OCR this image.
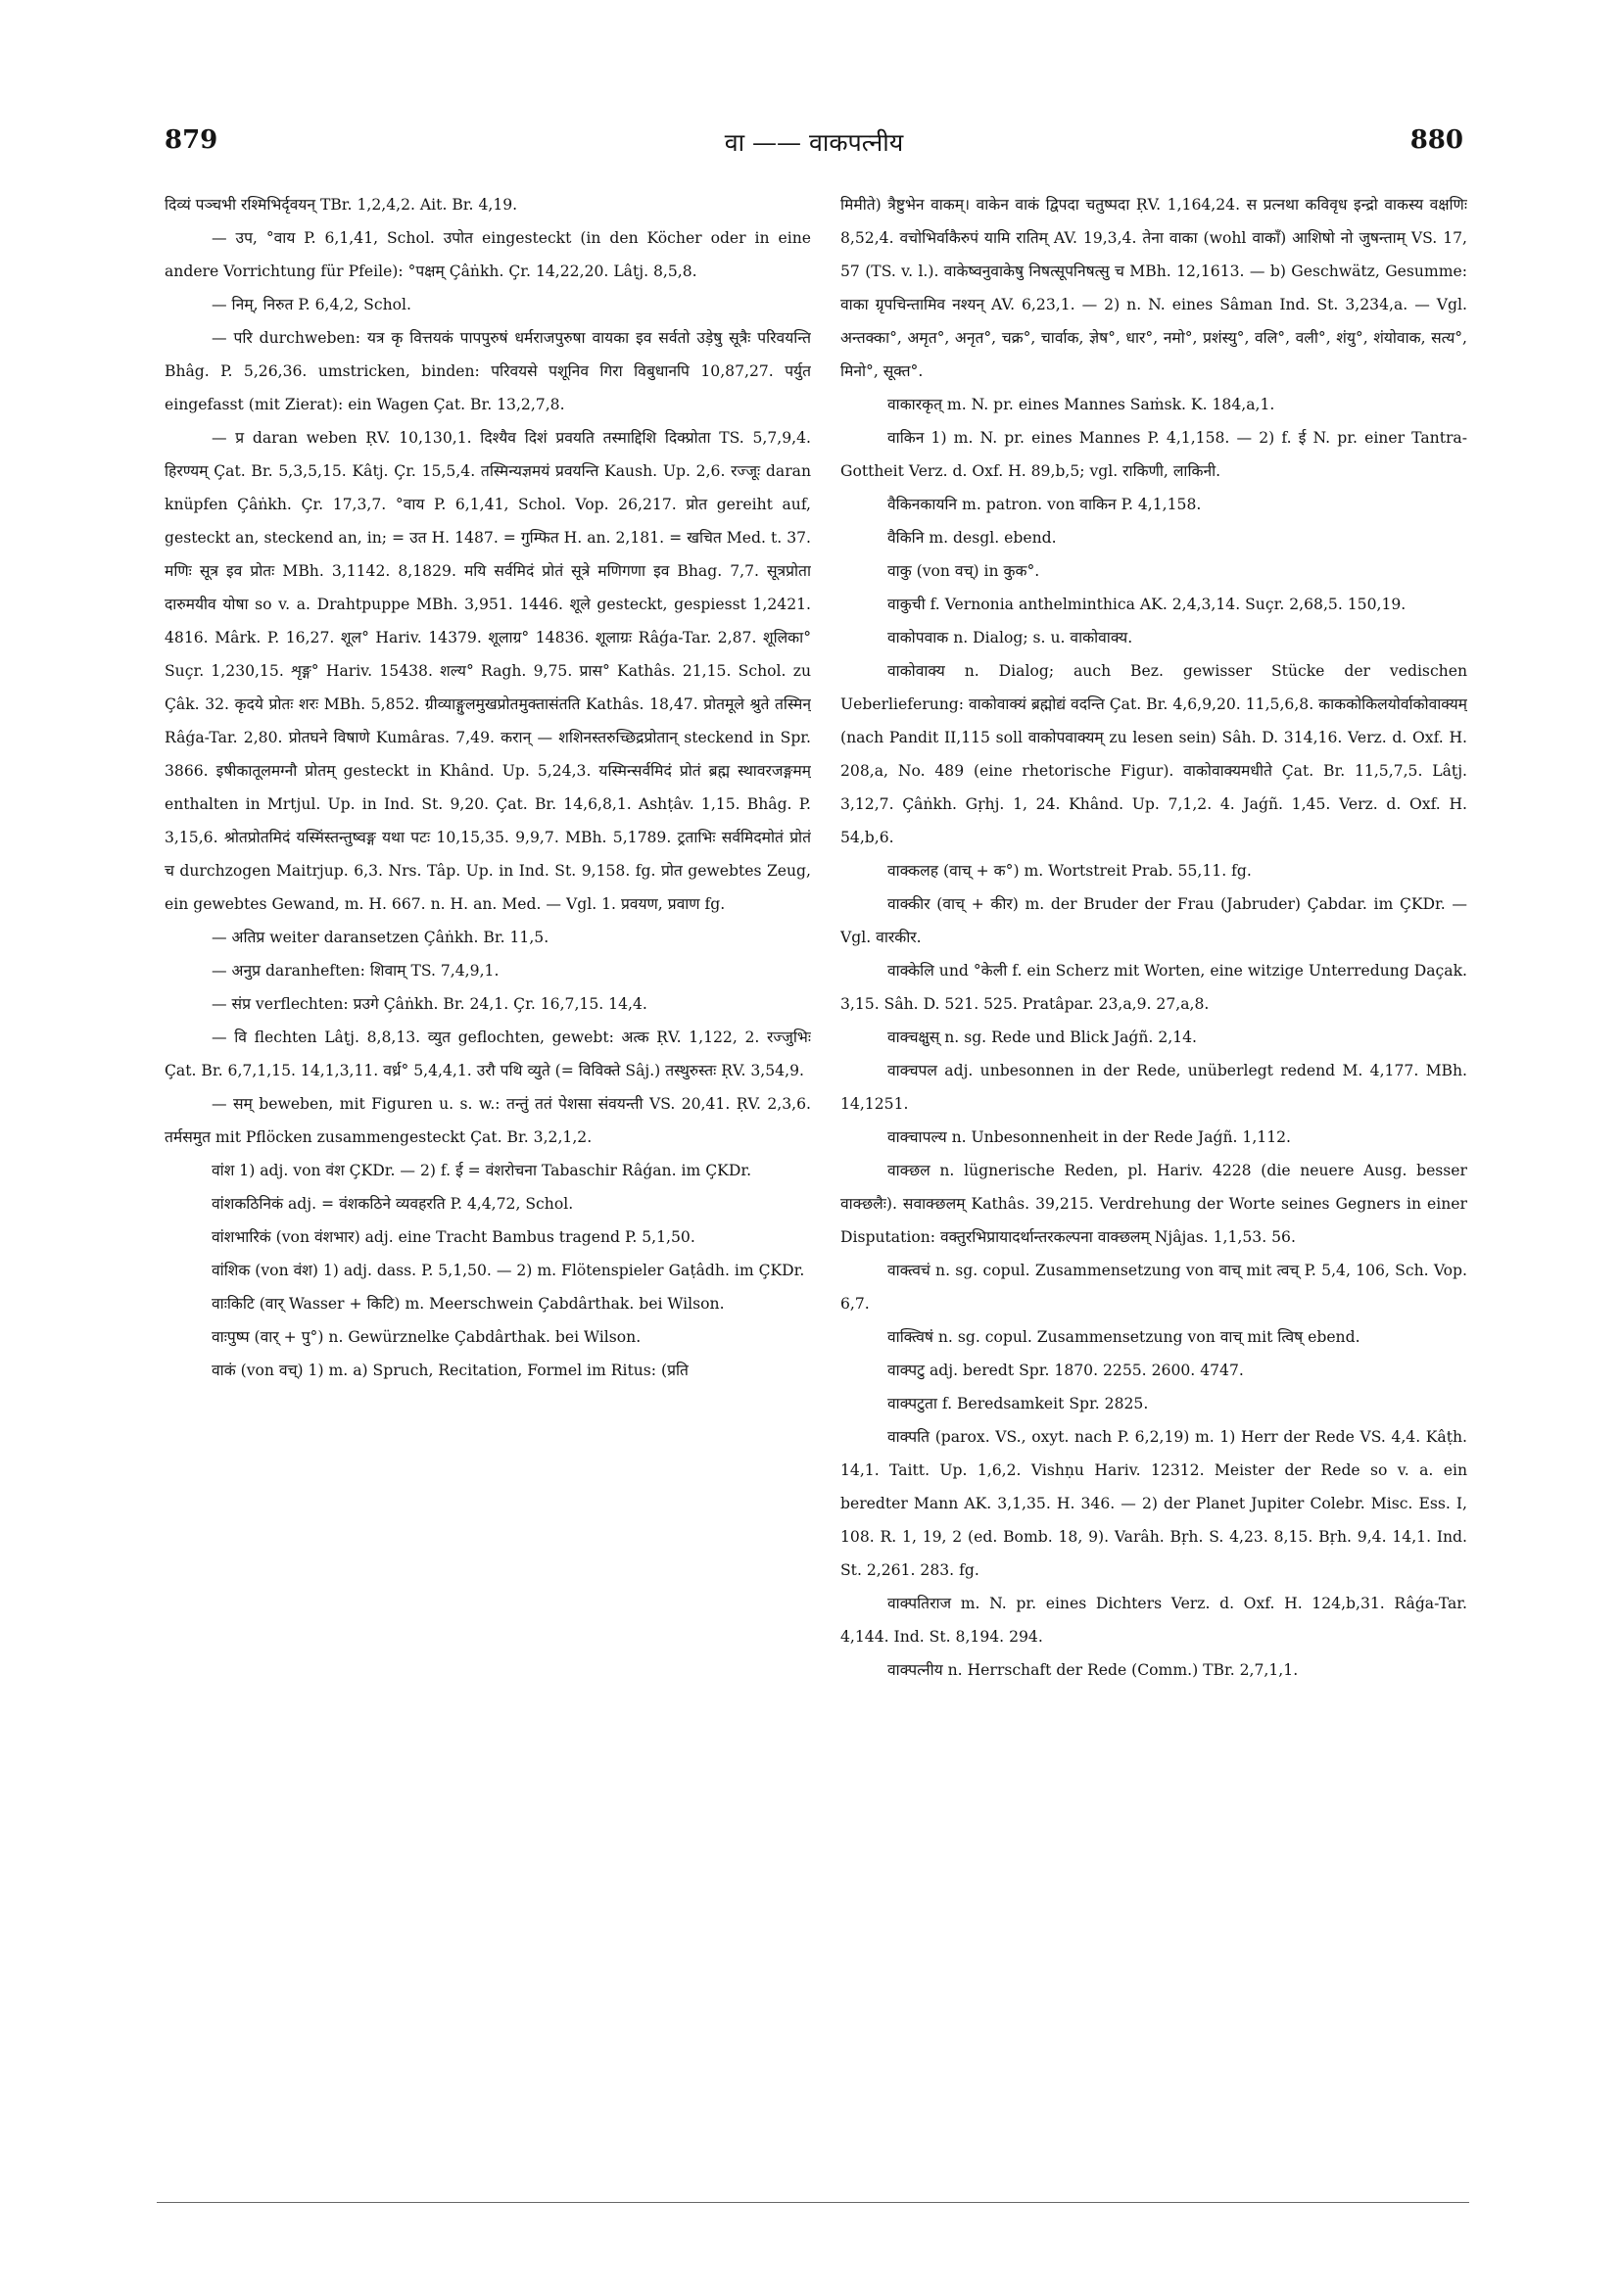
879	वा —— वाकपत्नीय	880

दिव्यं पञ्चभी रश्मिभिर्दृवयन् TBr. 1,2,4,2. Ait. Br. 4,19.

— उप, °वाय P. 6,1,41, Schol. उपोत eingesteckt (in den Köcher oder in eine andere Vorrichtung für Pfeile): °पक्षम् Çâṅkh. Çr. 14,22,20. Lâṭj. 8,5,8.

— निम्, निरुत P. 6,4,2, Schol.

— परि durchweben: यत्र कृ वित्तयकं पापपुरुषं धर्मराजपुरुषा वायका इव सर्वतो उड़ेषु सूत्रैः परिवयन्ति Bhâg. P. 5,26,36. umstricken, binden: परिवयसे पशूनिव गिरा विबुधानपि 10,87,27. पर्युत eingefasst (mit Zierat): ein Wagen Çat. Br. 13,2,7,8.

— प्र daran weben ṚV. 10,130,1. दिश्यैव दिशं प्रवयति तस्माद्दिशि दिक्प्रोता TS. 5,7,9,4. हिरण्यम् Çat. Br. 5,3,5,15. Kâtj. Çr. 15,5,4. तस्मिन्यज्ञमयं प्रवयन्ति Kaush. Up. 2,6. रज्जूः daran knüpfen Çâṅkh. Çr. 17,3,7. °वाय P. 6,1,41, Schol. Vop. 26,217. प्रोत gereiht auf, gesteckt an, steckend an, in; = उत H. 1487. = गुम्फित H. an. 2,181. = खचित Med. t. 37. मणिः सूत्र इव प्रोतः MBh. 3,1142. 8,1829. मयि सर्वमिदं प्रोतं सूत्रे मणिगणा इव Bhag. 7,7. सूत्रप्रोता दारुमयीव योषा so v. a. Drahtpuppe MBh. 3,951. 1446. शूले gesteckt, gespiesst 1,2421. 4816. Mârk. P. 16,27. शूल° Hariv. 14379. शूलाग्र° 14836. शूलाग्रः Râǵa-Tar. 2,87. शूलिका° Suçr. 1,230,15. शृङ्ग° Hariv. 15438. शल्य° Ragh. 9,75. प्रास° Kathâs. 21,15. Schol. zu Çâk. 32. कृदये प्रोतः शरः MBh. 5,852. ग्रीव्याङ्गुलमुखप्रोतमुक्तासंतति Kathâs. 18,47. प्रोतमूले श्रुते तस्मिन् Râǵa-Tar. 2,80. प्रोतघने विषाणे Kumâras. 7,49. करान् — शशिनस्तरुच्छिद्रप्रोतान् steckend in Spr. 3866. इषीकातूलमग्नौ प्रोतम् gesteckt in Khând. Up. 5,24,3. यस्मिन्सर्वमिदं प्रोतं ब्रह्म स्थावरजङ्गमम् enthalten in Mrtjul. Up. in Ind. St. 9,20. Çat. Br. 14,6,8,1. Ashṭâv. 1,15. Bhâg. P. 3,15,6. श्रोतप्रोतमिदं यस्मिंस्तन्तुष्वङ्ग यथा पटः 10,15,35. 9,9,7. MBh. 5,1789. ट्रताभिः सर्वमिदमोतं प्रोतं च durchzogen Maitrjup. 6,3. Nrs. Tâp. Up. in Ind. St. 9,158. fg. प्रोत gewebtes Zeug, ein gewebtes Gewand, m. H. 667. n. H. an. Med. — Vgl. 1. प्रवयण, प्रवाण fg.

— अतिप्र weiter daransetzen Çâṅkh. Br. 11,5.

— अनुप्र daranheften: शिवाम् TS. 7,4,9,1.

— संप्र verflechten: प्रउगे Çâṅkh. Br. 24,1. Çr. 16,7,15. 14,4.

— वि flechten Lâṭj. 8,8,13. व्युत geflochten, gewebt: अत्क ṚV. 1,122, 2. रज्जुभिः Çat. Br. 6,7,1,15. 14,1,3,11. वर्ध्र° 5,4,4,1. उरौ पथि व्युते (= विविक्ते Sâj.) तस्थुरुस्तः ṚV. 3,54,9.

— सम् beweben, mit Figuren u. s. w.: तन्तुं ततं पेशसा संवयन्ती VS. 20,41. ṚV. 2,3,6. तर्मसमुत mit Pflöcken zusammengesteckt Çat. Br. 3,2,1,2.

वांश 1) adj. von वंश ÇKDr. — 2) f. ई = वंशरोचना Tabaschir Râǵan. im ÇKDr.

वांशकठिनिकं adj. = वंशकठिने व्यवहरति P. 4,4,72, Schol.

वांशभारिकं (von वंशभार) adj. eine Tracht Bambus tragend P. 5,1,50.

वांशिक (von वंश) 1) adj. dass. P. 5,1,50. — 2) m. Flötenspieler Gaṭâdh. im ÇKDr.

वाःकिटि (वार् Wasser + किटि) m. Meerschwein Çabdârthak. bei Wilson.

वाःपुष्प (वार् + पु°) n. Gewürznelke Çabdârthak. bei Wilson.

वाकं (von वच्) 1) m. a) Spruch, Recitation, Formel im Ritus: (प्रति

मिमीते) त्रैष्टुभेन वाकम्। वाकेन वाकं द्विपदा चतुष्पदा ṚV. 1,164,24. स प्रत्नथा कविवृध इन्द्रो वाकस्य वक्षणिः 8,52,4. वचोभिर्वाकैरुपं यामि रातिम् AV. 19,3,4. तेना वाका (wohl वाकाँ) आशिषो नो जुषन्ताम् VS. 17, 57 (TS. v. l.). वाकेष्वनुवाकेषु निषत्सूपनिषत्सु च MBh. 12,1613. — b) Geschwätz, Gesumme: वाका ग्रृपचिन्तामिव नश्यन् AV. 6,23,1. — 2) n. N. eines Sâman Ind. St. 3,234,a. — Vgl. अन्तक्का°, अमृत°, अनृत°, चक्र°, चार्वाक, ज्ञेष°, धार°, नमो°, प्रशंस्यु°, वलि°, वली°, शंयु°, शंयोवाक, सत्य°, मिनो°, सूक्त°.

वाकारकृत् m. N. pr. eines Mannes Saṁsk. K. 184,a,1.

वाकिन 1) m. N. pr. eines Mannes P. 4,1,158. — 2) f. ई N. pr. einer Tantra-Gottheit Verz. d. Oxf. H. 89,b,5; vgl. राकिणी, लाकिनी.

वैकिनकायनि m. patron. von वाकिन P. 4,1,158.

वैकिनि m. desgl. ebend.

वाकु (von वच्) in कुक°.

वाकुची f. Vernonia anthelminthica AK. 2,4,3,14. Suçr. 2,68,5. 150,19.

वाकोपवाक n. Dialog; s. u. वाकोवाक्य.

वाकोवाक्य n. Dialog; auch Bez. gewisser Stücke der vedischen Ueberlieferung: वाकोवाक्यं ब्रह्मोद्यं वदन्ति Çat. Br. 4,6,9,20. 11,5,6,8. काककोकिलयोर्वाकोवाक्यम् (nach Pandit II,115 soll वाकोपवाक्यम् zu lesen sein) Sâh. D. 314,16. Verz. d. Oxf. H. 208,a, No. 489 (eine rhetorische Figur). वाकोवाक्यमधीते Çat. Br. 11,5,7,5. Lâṭj. 3,12,7. Çâṅkh. Gṛhj. 1, 24. Khând. Up. 7,1,2. 4. Jaǵñ. 1,45. Verz. d. Oxf. H. 54,b,6.

वाक्कलह (वाच् + क°) m. Wortstreit Prab. 55,11. fg.

वाक्कीर (वाच् + कीर) m. der Bruder der Frau (Jabruder) Çabdar. im ÇKDr. — Vgl. वारकीर.

वाक्केलि und °केली f. ein Scherz mit Worten, eine witzige Unterredung Daçak. 3,15. Sâh. D. 521. 525. Pratâpar. 23,a,9. 27,a,8.

वाक्चक्षुस् n. sg. Rede und Blick Jaǵñ. 2,14.

वाक्चपल adj. unbesonnen in der Rede, unüberlegt redend M. 4,177. MBh. 14,1251.

वाक्चापल्य n. Unbesonnenheit in der Rede Jaǵñ. 1,112.

वाक्छल n. lügnerische Reden, pl. Hariv. 4228 (die neuere Ausg. besser वाक्छलैः). सवाक्छलम् Kathâs. 39,215. Verdrehung der Worte seines Gegners in einer Disputation: वक्तुरभिप्रायादर्थान्तरकल्पना वाक्छलम् Njâjas. 1,1,53. 56.

वाक्त्वचं n. sg. copul. Zusammensetzung von वाच् mit त्वच् P. 5,4, 106, Sch. Vop. 6,7.

वाक्त्विषं n. sg. copul. Zusammensetzung von वाच् mit त्विष् ebend.

वाक्पटु adj. beredt Spr. 1870. 2255. 2600. 4747.

वाक्पटुता f. Beredsamkeit Spr. 2825.

वाक्पति (parox. VS., oxyt. nach P. 6,2,19) m. 1) Herr der Rede VS. 4,4. Kâṭh. 14,1. Taitt. Up. 1,6,2. Vishṇu Hariv. 12312. Meister der Rede so v. a. ein beredter Mann AK. 3,1,35. H. 346. — 2) der Planet Jupiter Colebr. Misc. Ess. I, 108. R. 1, 19, 2 (ed. Bomb. 18, 9). Varâh. Bṛh. S. 4,23. 8,15. Bṛh. 9,4. 14,1. Ind. St. 2,261. 283. fg.

वाक्पतिराज m. N. pr. eines Dichters Verz. d. Oxf. H. 124,b,31. Râǵa-Tar. 4,144. Ind. St. 8,194. 294.

वाक्पत्नीय n. Herrschaft der Rede (Comm.) TBr. 2,7,1,1.
